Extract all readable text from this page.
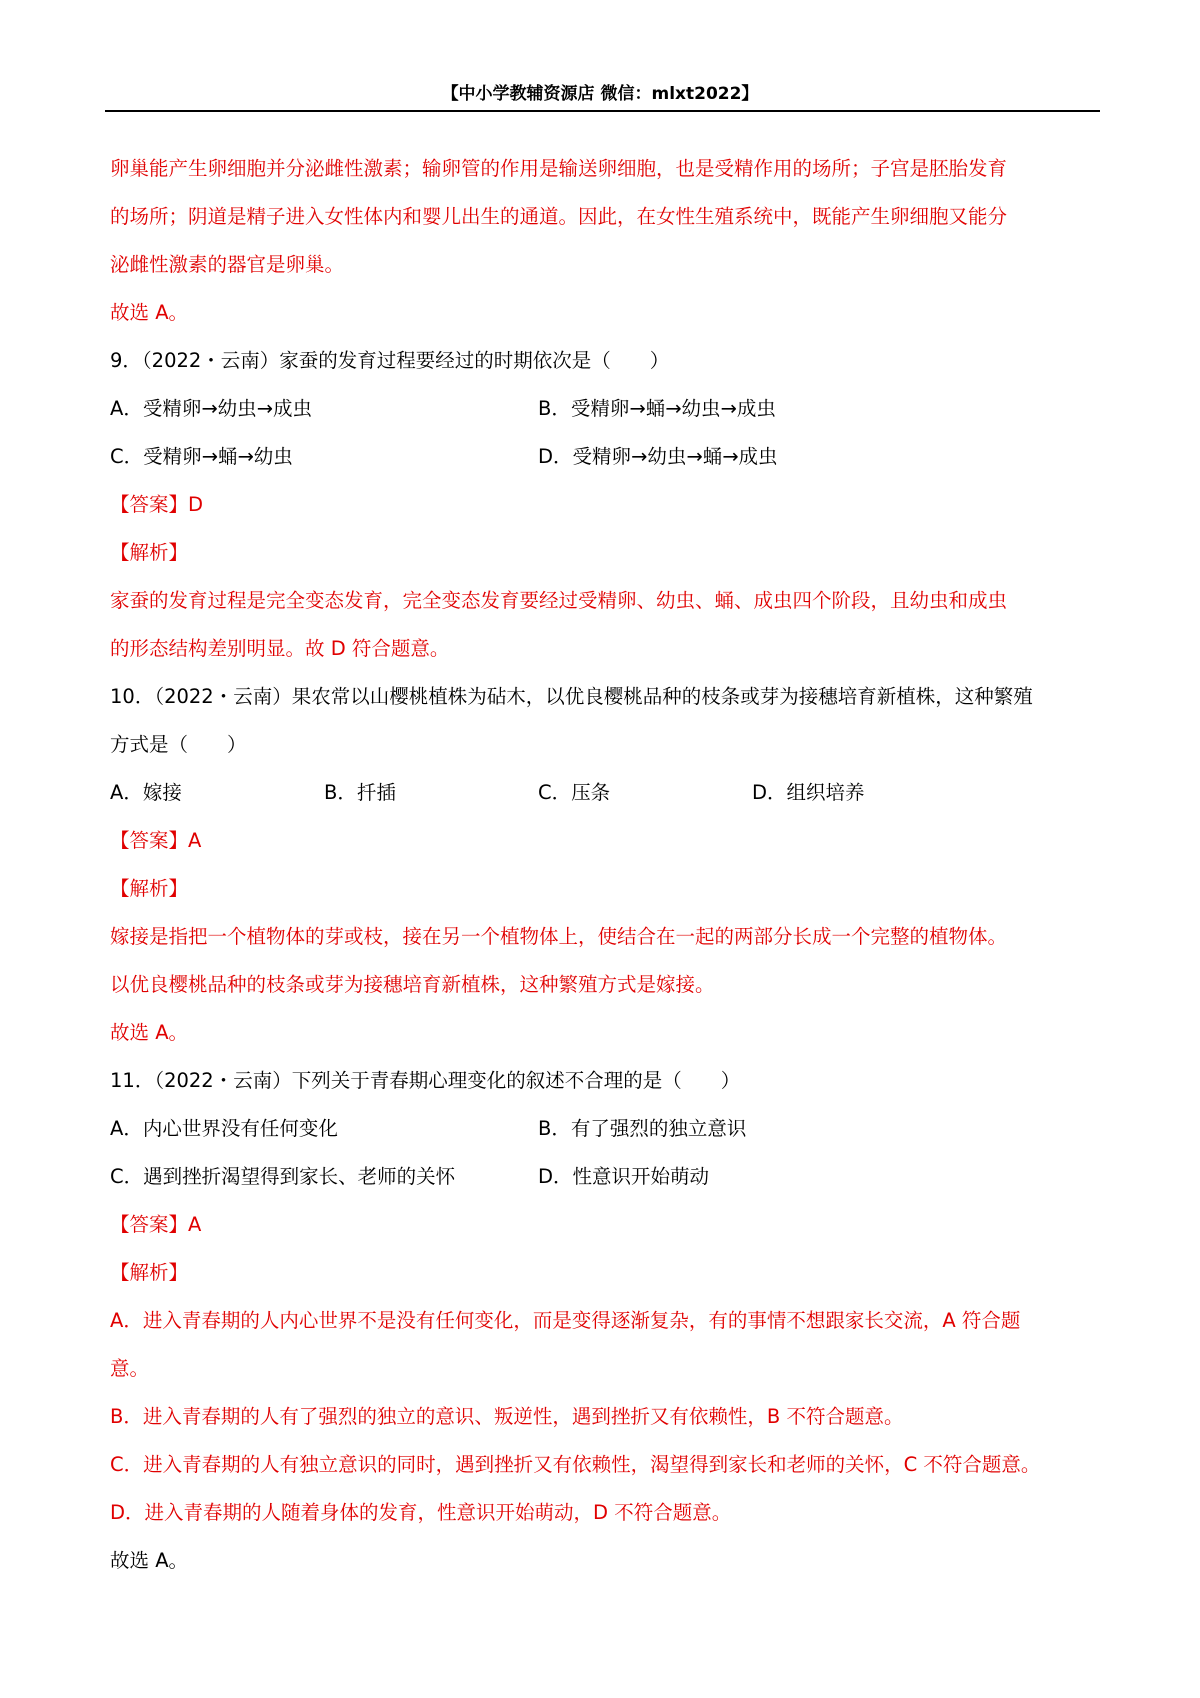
【中小学教辅资源店 微信：mlxt2022】
卵巢能产生卵细胞并分泌雌性激素；输卵管的作用是输送卵细胞，也是受精作用的场所；子宫是胚胎发育
的场所；阴道是精子进入女性体内和婴儿出生的通道。因此，在女性生殖系统中，既能产生卵细胞又能分
泌雌性激素的器官是卵巢。
故选 A。
9．（2022・云南）家蚕的发育过程要经过的时期依次是（　　）
A．受精卵→幼虫→成虫	B．受精卵→蛹→幼虫→成虫
C．受精卵→蛹→幼虫	D．受精卵→幼虫→蛹→成虫
【答案】D
【解析】
家蚕的发育过程是完全变态发育，完全变态发育要经过受精卵、幼虫、蛹、成虫四个阶段，且幼虫和成虫
的形态结构差别明显。故 D 符合题意。
10．（2022・云南）果农常以山樱桃植株为砧木，以优良樱桃品种的枝条或芽为接穗培育新植株，这种繁殖
方式是（　　）
A．嫁接	B．扦插	C．压条	D．组织培养
【答案】A
【解析】
嫁接是指把一个植物体的芽或枝，接在另一个植物体上，使结合在一起的两部分长成一个完整的植物体。
以优良樱桃品种的枝条或芽为接穗培育新植株，这种繁殖方式是嫁接。
故选 A。
11．（2022・云南）下列关于青春期心理变化的叙述不合理的是（　　）
A．内心世界没有任何变化	B．有了强烈的独立意识
C．遇到挫折渴望得到家长、老师的关怀	D．性意识开始萌动
【答案】A
【解析】
A．进入青春期的人内心世界不是没有任何变化，而是变得逐渐复杂，有的事情不想跟家长交流，A 符合题
意。
B．进入青春期的人有了强烈的独立的意识、叛逆性，遇到挫折又有依赖性，B 不符合题意。
C．进入青春期的人有独立意识的同时，遇到挫折又有依赖性，渴望得到家长和老师的关怀，C 不符合题意。
D．进入青春期的人随着身体的发育，性意识开始萌动，D 不符合题意。
故选 A。
